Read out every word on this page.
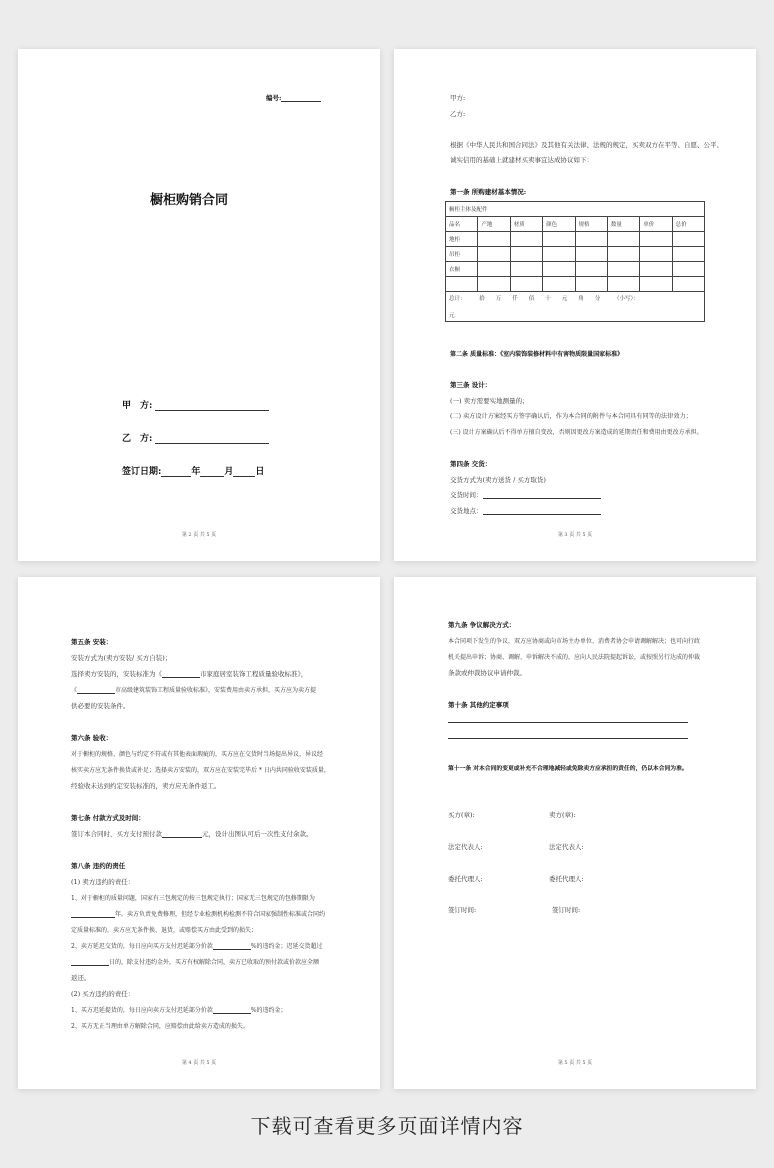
编号:
橱柜购销合同
甲　方:
乙　方:
签订日期:	年	月 日
第 2 页 共 5 页
甲方:
乙方:
根据《中华人民共和国合同法》及其他有关法律、法规的规定，买卖双方在平等、自愿、公平、
诚实信用的基础上就建材买卖事宜达成协议如下：
第一条 所购建材基本情况:
橱柜主体及配件							
品名	产地	材质	颜色	规格	数量	单价	总价
地柜							
吊柜							
衣橱							

总计：　　　拾　　万　　仟　　佰　　十　　元　　角　　分　　　（小写）：
元
第二条 质量标准：《室内装饰装修材料中有害物质限量国家标准》
第三条 设计：
(一) 卖方需要实地测量的；
(二) 卖方设计方案经买方签字确认后，作为本合同的附件与本合同具有同等的法律效力；
(三) 设计方案确认后不得单方擅自变改，否则因更改方案造成的延期责任和费用由更改方承担。
第四条 交货：
交货方式为(卖方送货 / 买方取货)
交货时间：
交货地点：
第 3 页 共 5 页
第五条 安装：
安装方式为(卖方安装/ 买方自装)；
选择卖方安装的，安装标准为《	市家庭居室装饰工程质量验收标准》，
《	市高级建筑装饰工程质量验收标准》，安装费用由卖方承担，买方应为卖方提
供必要的安装条件。
第六条 验收：
对于橱柜的规格、颜色与约定不符或有其他表面瑕疵的，买方应在交货时当场提出异议，异议经
核实卖方应无条件换货或补足；选择卖方安装的，双方应在安装完毕后 * 日内共同验收安装质量，
经验收未达到约定安装标准的，卖方应无条件返工。
第七条 付款方式及时间：
签订本合同时，买方支付预付款	元，设计出图认可后一次性支付余款。
第八条 违约的责任
(1) 卖方违约的责任：
1、对于橱柜的质量问题，国家有三包规定的按三包规定执行；国家无三包规定的包修期限为
年。卖方负责免费修理，但经专业检测机构检测不符合国家强制性标准或合同约
定质量标准的，卖方应无条件换、退货，或赔偿买方由此受到的损失；
2、卖方延迟交货的，每日应向买方支付迟延部分价款	%的违约金；迟延交货超过
日的，除支付违约金外，买方有权解除合同，卖方已收取的预付款或价款应全额
返还。
(2) 买方违约的责任：
1、买方迟延提货的，每日应向卖方支付迟延部分价款	%的违约金；
2、买方无正当理由单方解除合同，应赔偿由此给卖方造成的损失。
第 4 页 共 5 页
第九条 争议解决方式：
本合同项下发生的争议，双方应协商或向市场主办单位、消费者协会申请调解解决；也可向行政
机关提出申诉；协商、调解、申诉解决不成的，应向人民法院提起诉讼，或按照另行达成的仲裁
条款或仲裁协议申请仲裁。
第十条 其他约定事项
第十一条 对本合同的变更或补充不合理地减轻或免除卖方应承担的责任的，仍以本合同为准。
买方(章):	卖方(章):
法定代表人:	法定代表人:
委托代理人:	委托代理人:
签订时间:	签订时间:
第 5 页 共 5 页
下载可查看更多页面详情内容
